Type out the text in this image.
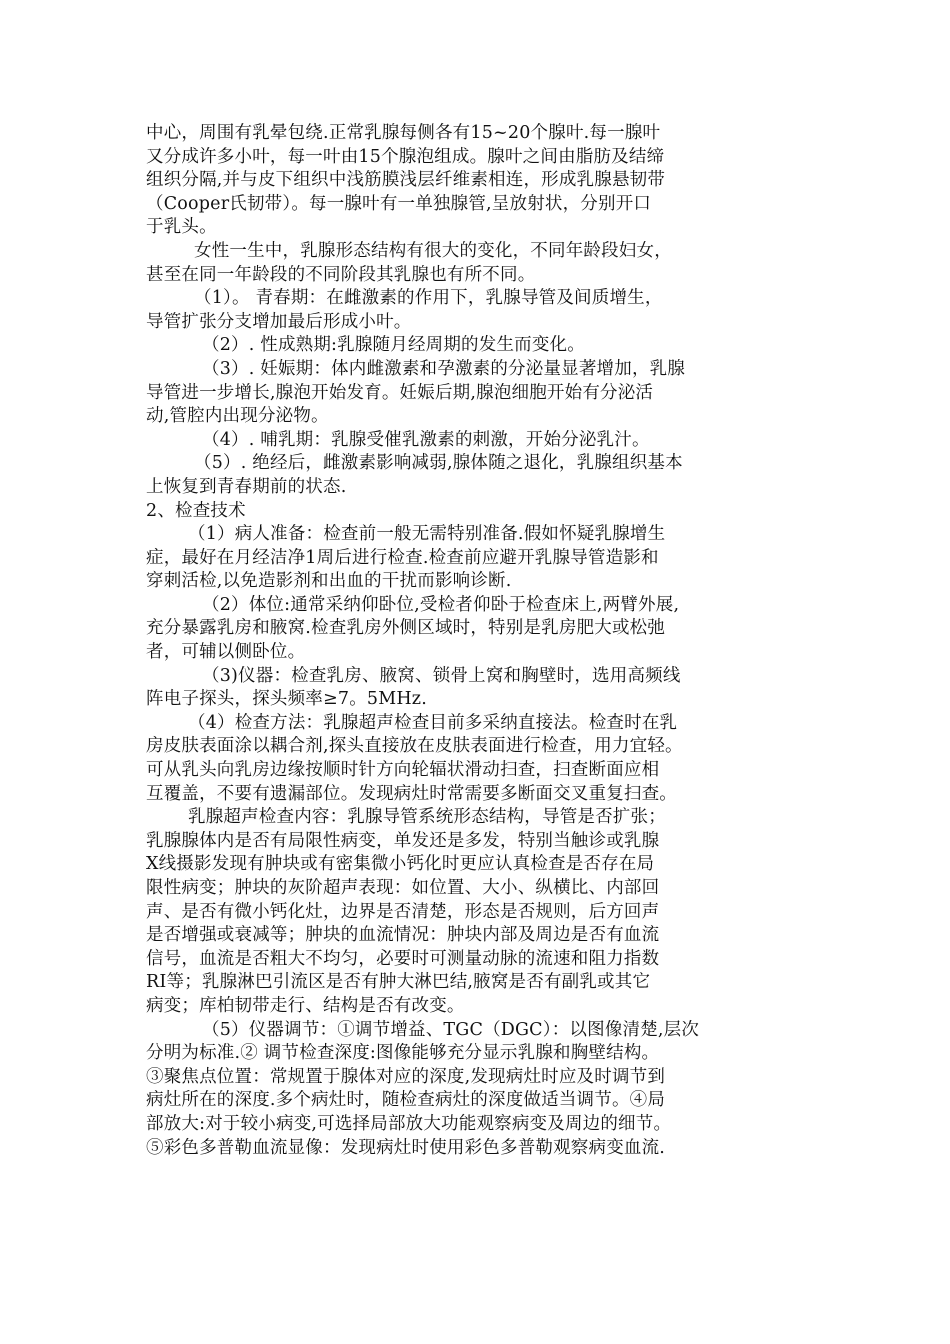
中心，周围有乳晕包绕.正常乳腺每侧各有15~20个腺叶.每一腺叶
又分成许多小叶，每一叶由15个腺泡组成。腺叶之间由脂肪及结缔
组织分隔,并与皮下组织中浅筋膜浅层纤维素相连，形成乳腺悬韧带
（Cooper氏韧带）。每一腺叶有一单独腺管,呈放射状，分别开口
于乳头。
女性一生中，乳腺形态结构有很大的变化，不同年龄段妇女，
甚至在同一年龄段的不同阶段其乳腺也有所不同。
（1）。 青春期：在雌激素的作用下，乳腺导管及间质增生，
导管扩张分支增加最后形成小叶。
（2）. 性成熟期:乳腺随月经周期的发生而变化。
（3）. 妊娠期：体内雌激素和孕激素的分泌量显著增加，乳腺
导管进一步增长,腺泡开始发育。妊娠后期,腺泡细胞开始有分泌活
动,管腔内出现分泌物。
（4）. 哺乳期：乳腺受催乳激素的刺激，开始分泌乳汁。
（5）. 绝经后，雌激素影响减弱,腺体随之退化，乳腺组织基本
上恢复到青春期前的状态.
2、检查技术
（1）病人准备：检查前一般无需特别准备.假如怀疑乳腺增生
症，最好在月经洁净1周后进行检查.检查前应避开乳腺导管造影和
穿刺活检,以免造影剂和出血的干扰而影响诊断.
（2）体位:通常采纳仰卧位,受检者仰卧于检查床上,两臂外展,
充分暴露乳房和腋窝.检查乳房外侧区域时，特别是乳房肥大或松弛
者，可辅以侧卧位。
（3)仪器：检查乳房、腋窝、锁骨上窝和胸壁时，选用高频线
阵电子探头，探头频率≥7。5MHz.
（4）检查方法：乳腺超声检查目前多采纳直接法。检查时在乳
房皮肤表面涂以耦合剂,探头直接放在皮肤表面进行检查，用力宜轻。
可从乳头向乳房边缘按顺时针方向轮辐状滑动扫查，扫查断面应相
互覆盖，不要有遗漏部位。发现病灶时常需要多断面交叉重复扫查。
乳腺超声检查内容：乳腺导管系统形态结构，导管是否扩张；
乳腺腺体内是否有局限性病变，单发还是多发，特别当触诊或乳腺
X线摄影发现有肿块或有密集微小钙化时更应认真检查是否存在局
限性病变；肿块的灰阶超声表现：如位置、大小、纵横比、内部回
声、是否有微小钙化灶，边界是否清楚，形态是否规则，后方回声
是否增强或衰减等；肿块的血流情况：肿块内部及周边是否有血流
信号，血流是否粗大不均匀，必要时可测量动脉的流速和阻力指数
RI等；乳腺淋巴引流区是否有肿大淋巴结,腋窝是否有副乳或其它
病变；库柏韧带走行、结构是否有改变。
（5）仪器调节：①调节增益、TGC（DGC）：以图像清楚,层次
分明为标准.② 调节检查深度:图像能够充分显示乳腺和胸壁结构。
③聚焦点位置：常规置于腺体对应的深度,发现病灶时应及时调节到
病灶所在的深度.多个病灶时，随检查病灶的深度做适当调节。④局
部放大:对于较小病变,可选择局部放大功能观察病变及周边的细节。
⑤彩色多普勒血流显像：发现病灶时使用彩色多普勒观察病变血流.
